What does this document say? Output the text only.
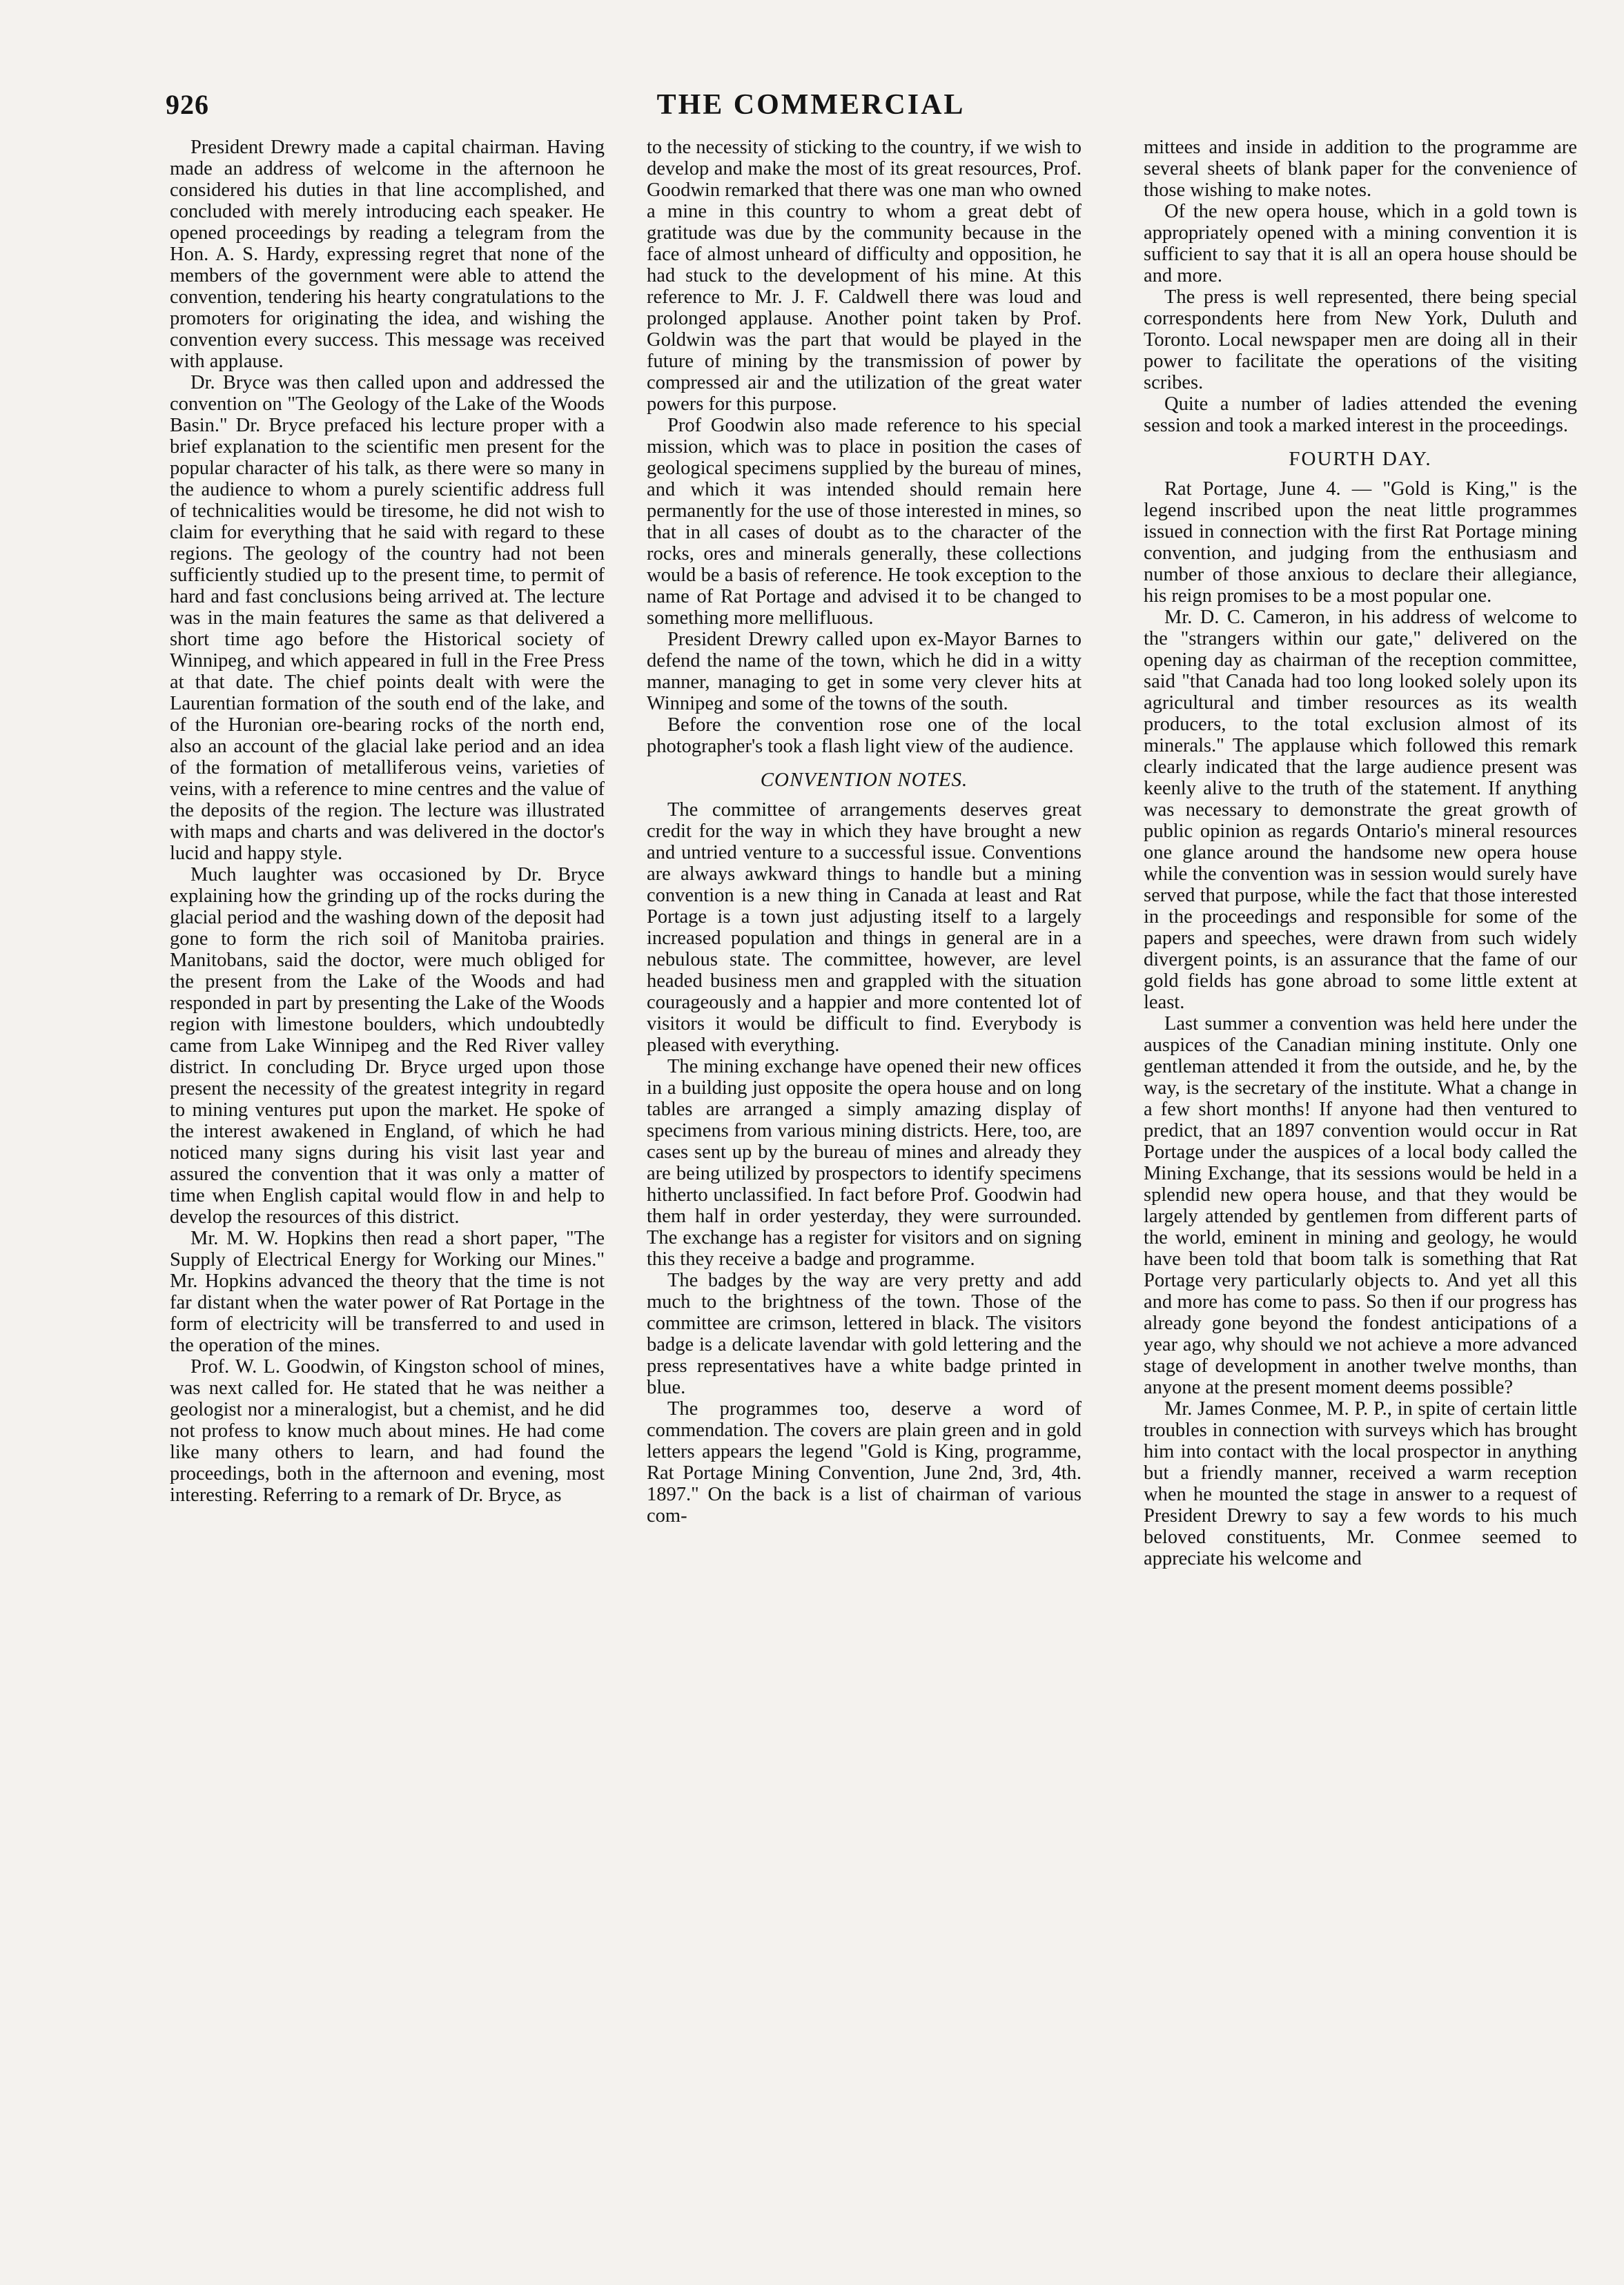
926	THE COMMERCIAL

President Drewry made a capital chairman. Having made an address of welcome in the afternoon he considered his duties in that line accomplished, and concluded with merely introducing each speaker. He opened proceedings by reading a telegram from the Hon. A. S. Hardy, expressing regret that none of the members of the government were able to attend the convention, tendering his hearty congratulations to the promoters for originating the idea, and wishing the convention every success. This message was received with applause.

Dr. Bryce was then called upon and addressed the convention on "The Geology of the Lake of the Woods Basin." Dr. Bryce prefaced his lecture proper with a brief explanation to the scientific men present for the popular character of his talk, as there were so many in the audience to whom a purely scientific address full of technicalities would be tiresome, he did not wish to claim for everything that he said with regard to these regions. The geology of the country had not been sufficiently studied up to the present time, to permit of hard and fast conclusions being arrived at. The lecture was in the main features the same as that delivered a short time ago before the Historical society of Winnipeg, and which appeared in full in the Free Press at that date. The chief points dealt with were the Laurentian formation of the south end of the lake, and of the Huronian ore-bearing rocks of the north end, also an account of the glacial lake period and an idea of the formation of metalliferous veins, varieties of veins, with a reference to mine centres and the value of the deposits of the region. The lecture was illustrated with maps and charts and was delivered in the doctor's lucid and happy style.

Much laughter was occasioned by Dr. Bryce explaining how the grinding up of the rocks during the glacial period and the washing down of the deposit had gone to form the rich soil of Manitoba prairies. Manitobans, said the doctor, were much obliged for the present from the Lake of the Woods and had responded in part by presenting the Lake of the Woods region with limestone boulders, which undoubtedly came from Lake Winnipeg and the Red River valley district. In concluding Dr. Bryce urged upon those present the necessity of the greatest integrity in regard to mining ventures put upon the market. He spoke of the interest awakened in England, of which he had noticed many signs during his visit last year and assured the convention that it was only a matter of time when English capital would flow in and help to develop the resources of this district.

Mr. M. W. Hopkins then read a short paper, "The Supply of Electrical Energy for Working our Mines." Mr. Hopkins advanced the theory that the time is not far distant when the water power of Rat Portage in the form of electricity will be transferred to and used in the operation of the mines.

Prof. W. L. Goodwin, of Kingston school of mines, was next called for. He stated that he was neither a geologist nor a mineralogist, but a chemist, and he did not profess to know much about mines. He had come like many others to learn, and had found the proceedings, both in the afternoon and evening, most interesting. Referring to a remark of Dr. Bryce, as

to the necessity of sticking to the country, if we wish to develop and make the most of its great resources, Prof. Goodwin remarked that there was one man who owned a mine in this country to whom a great debt of gratitude was due by the community because in the face of almost unheard of difficulty and opposition, he had stuck to the development of his mine. At this reference to Mr. J. F. Caldwell there was loud and prolonged applause. Another point taken by Prof. Goldwin was the part that would be played in the future of mining by the transmission of power by compressed air and the utilization of the great water powers for this purpose.

Prof Goodwin also made reference to his special mission, which was to place in position the cases of geological specimens supplied by the bureau of mines, and which it was intended should remain here permanently for the use of those interested in mines, so that in all cases of doubt as to the character of the rocks, ores and minerals generally, these collections would be a basis of reference. He took exception to the name of Rat Portage and advised it to be changed to something more mellifluous.

President Drewry called upon ex-Mayor Barnes to defend the name of the town, which he did in a witty manner, managing to get in some very clever hits at Winnipeg and some of the towns of the south.

Before the convention rose one of the local photographer's took a flash light view of the audience.

CONVENTION NOTES.

The committee of arrangements deserves great credit for the way in which they have brought a new and untried venture to a successful issue. Conventions are always awkward things to handle but a mining convention is a new thing in Canada at least and Rat Portage is a town just adjusting itself to a largely increased population and things in general are in a nebulous state. The committee, however, are level headed business men and grappled with the situation courageously and a happier and more contented lot of visitors it would be difficult to find. Everybody is pleased with everything.

The mining exchange have opened their new offices in a building just opposite the opera house and on long tables are arranged a simply amazing display of specimens from various mining districts. Here, too, are cases sent up by the bureau of mines and already they are being utilized by prospectors to identify specimens hitherto unclassified. In fact before Prof. Goodwin had them half in order yesterday, they were surrounded. The exchange has a register for visitors and on signing this they receive a badge and programme.

The badges by the way are very pretty and add much to the brightness of the town. Those of the committee are crimson, lettered in black. The visitors badge is a delicate lavendar with gold lettering and the press representatives have a white badge printed in blue.

The programmes too, deserve a word of commendation. The covers are plain green and in gold letters appears the legend "Gold is King, programme, Rat Portage Mining Convention, June 2nd, 3rd, 4th. 1897." On the back is a list of chairman of various com-

mittees and inside in addition to the programme are several sheets of blank paper for the convenience of those wishing to make notes.

Of the new opera house, which in a gold town is appropriately opened with a mining convention it is sufficient to say that it is all an opera house should be and more.

The press is well represented, there being special correspondents here from New York, Duluth and Toronto. Local newspaper men are doing all in their power to facilitate the operations of the visiting scribes.

Quite a number of ladies attended the evening session and took a marked interest in the proceedings.

FOURTH DAY.

Rat Portage, June 4. — "Gold is King," is the legend inscribed upon the neat little programmes issued in connection with the first Rat Portage mining convention, and judging from the enthusiasm and number of those anxious to declare their allegiance, his reign promises to be a most popular one.

Mr. D. C. Cameron, in his address of welcome to the "strangers within our gate," delivered on the opening day as chairman of the reception committee, said "that Canada had too long looked solely upon its agricultural and timber resources as its wealth producers, to the total exclusion almost of its minerals." The applause which followed this remark clearly indicated that the large audience present was keenly alive to the truth of the statement. If anything was necessary to demonstrate the great growth of public opinion as regards Ontario's mineral resources one glance around the handsome new opera house while the convention was in session would surely have served that purpose, while the fact that those interested in the proceedings and responsible for some of the papers and speeches, were drawn from such widely divergent points, is an assurance that the fame of our gold fields has gone abroad to some little extent at least.

Last summer a convention was held here under the auspices of the Canadian mining institute. Only one gentleman attended it from the outside, and he, by the way, is the secretary of the institute. What a change in a few short months! If anyone had then ventured to predict, that an 1897 convention would occur in Rat Portage under the auspices of a local body called the Mining Exchange, that its sessions would be held in a splendid new opera house, and that they would be largely attended by gentlemen from different parts of the world, eminent in mining and geology, he would have been told that boom talk is something that Rat Portage very particularly objects to. And yet all this and more has come to pass. So then if our progress has already gone beyond the fondest anticipations of a year ago, why should we not achieve a more advanced stage of development in another twelve months, than anyone at the present moment deems possible?

Mr. James Conmee, M. P. P., in spite of certain little troubles in connection with surveys which has brought him into contact with the local prospector in anything but a friendly manner, received a warm reception when he mounted the stage in answer to a request of President Drewry to say a few words to his much beloved constituents, Mr. Conmee seemed to appreciate his welcome and
